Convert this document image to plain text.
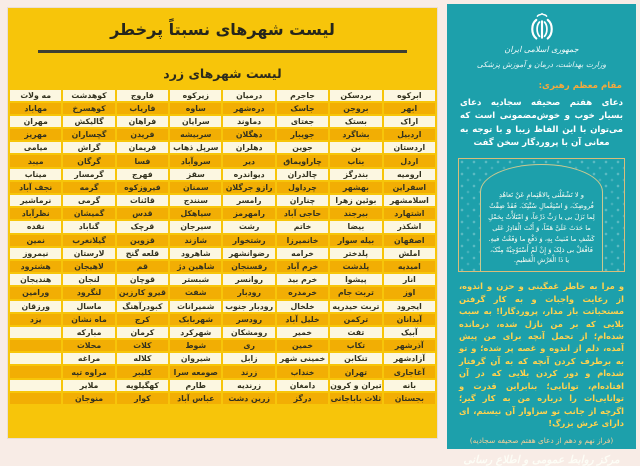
لیست شهرهای نسبتاً پرخطر
لیست شهرهای زرد
ابرکوه
بردسکن
جاجرم
درمیان
زیرکوه
فاروج
کوهدشت
مه ولات
ابهر
بروجن
جاسک
دره‌شهر
ساوه
فاریاب
کوهسرخ
مهاباد
اراک
بستک
جغتای
دماوند
سرایان
فراهان
گالیکش
مهران
اردبیل
بشاگرد
جویبار
دهگلان
سربیشه
فریدن
گچساران
مهریز
اردستان
بن
جوین
دهلران
سرپل ذهاب
فریمان
گراش
میامی
اردل
بناب
چاراویماق
دیر
سروآباد
فسا
گرگان
میبد
ارومیه
بندرگز
چالدران
دیواندره
سقز
فهرج
گرمسار
میناب
اسفراین
بهشهر
چرداول
رازو جرگلان
سمنان
فیروزکوه
گرمه
نجف آباد
اسلامشهر
بوئین زهرا
چناران
رامسر
سنندج
قائنات
گرمی
نرماشیر
اشتهارد
بیرجند
حاجی آباد
رامهرمز
سیاهکل
قدس
گمیشان
نظرآباد
اشکذر
بیضا
خاتم
رشت
سیرجان
قرچک
گناباد
نقده
اصفهان
بیله سوار
خانمیرزا
رشتخوار
شازند
قزوین
گیلانغرب
نمین
املش
پلدختر
خرامه
رضوانشهر
شاهرود
قلعه گنج
لارستان
نیمروز
امیدیه
پلدشت
خرم آباد
رفسنجان
شاهین دژ
قم
لاهیجان
هشترود
انار
پیشوا
خرم بید
روانسر
شبستر
قوچان
لنجان
هندیجان
اوز
تربت جام
خرمدره
رودبار
شفت
قیرو کارزین
لنگرود
ورامین
ایجرود
تربت حیدریه
خلخال
رودبار جنوب
شمیرانات
کبودرآهنگ
ماسال
ورزقان
آبدانان
ترکمن
خلیل آباد
رودسر
شهربابک
کرج
ماه نشان
یزد
آبیک
تفت
خمیر
رومشکان
شهرکرد
کرمان
مبارکه
آذرشهر
تکاب
خمین
ری
شوط
کلات
محلات
آزادشهر
تنکابن
خمینی شهر
زابل
شیروان
کلاله
مراغه
آغاجاری
تهران
خنداب
زرند
صومعه سرا
کلیبر
مراوه تپه
بانه
تیران و کرون
دامغان
زرندیه
طارم
کهگیلویه
ملایر
بجستان
ثلاث باباجانی
درگز
زرین دشت
عباس آباد
کوار
منوجان
جمهوری اسلامی ایران
وزارت بهداشت، درمان و آموزش پزشکی
مقام معظم رهبری:

دعای هفتم صحیفه سجادیه دعای بسیار خوب و خوش‌مضمونی است که می‌توان با این الفاظ زیبا و با توجه به معانی آن با پروردگار سخن گفت

و لا تَشْغَلْنی بِالاهْتِمامِ عَنْ تَعاهُدِ فُروضِکَ، وَ اسْتِعْمالِ سُنَّتِکَ. فَقَدْ ضِقْتُ لِما نَزَلَ بی یا رَبِّ ذَرْعاً، وَ امْتَلَأْتُ بِحَمْلِ ما حَدَثَ عَلَیَّ هَمّاً، وَ أَنْتَ الْقادِرُ عَلی کَشْفِ ما مُنیتُ بِهِ، وَ دَفْعِ ما وَقَعْتُ فیهِ. فَافْعَلْ بی ذلِکَ وَ إِنْ لَمْ أَسْتَوْجِبْهُ مِنْکَ، یا ذَا الْعَرْشِ الْعَظیمِ.

و مرا به خاطر غمگینی و حزن و اندوه، از رعایت واجبات و به کار گرفتن مستحباتت باز مدار، پروردگارا! به سبب بلایی که بر من نازل شده، درمانده شده‌ام؛ از تحمل آنچه برای من پیش آمده، دلم از اندوه و غصه پر شده؛ و تو به برطرف کردن آنچه که به آن گرفتار شده‌ام و دور کردن بلایی که در آن افتاده‌ام، توانایی؛ بنابراین قدرت و توانایی‌ات را درباره من به کار گیر؛ اگرچه از جانب تو سزاوار آن نیستم، ای دارای عرش بزرگ!

(فراز نهم و دهم از دعای هفتم صحیفه سجادیه)
مرکز روابط عمومی و اطلاع رسانی
